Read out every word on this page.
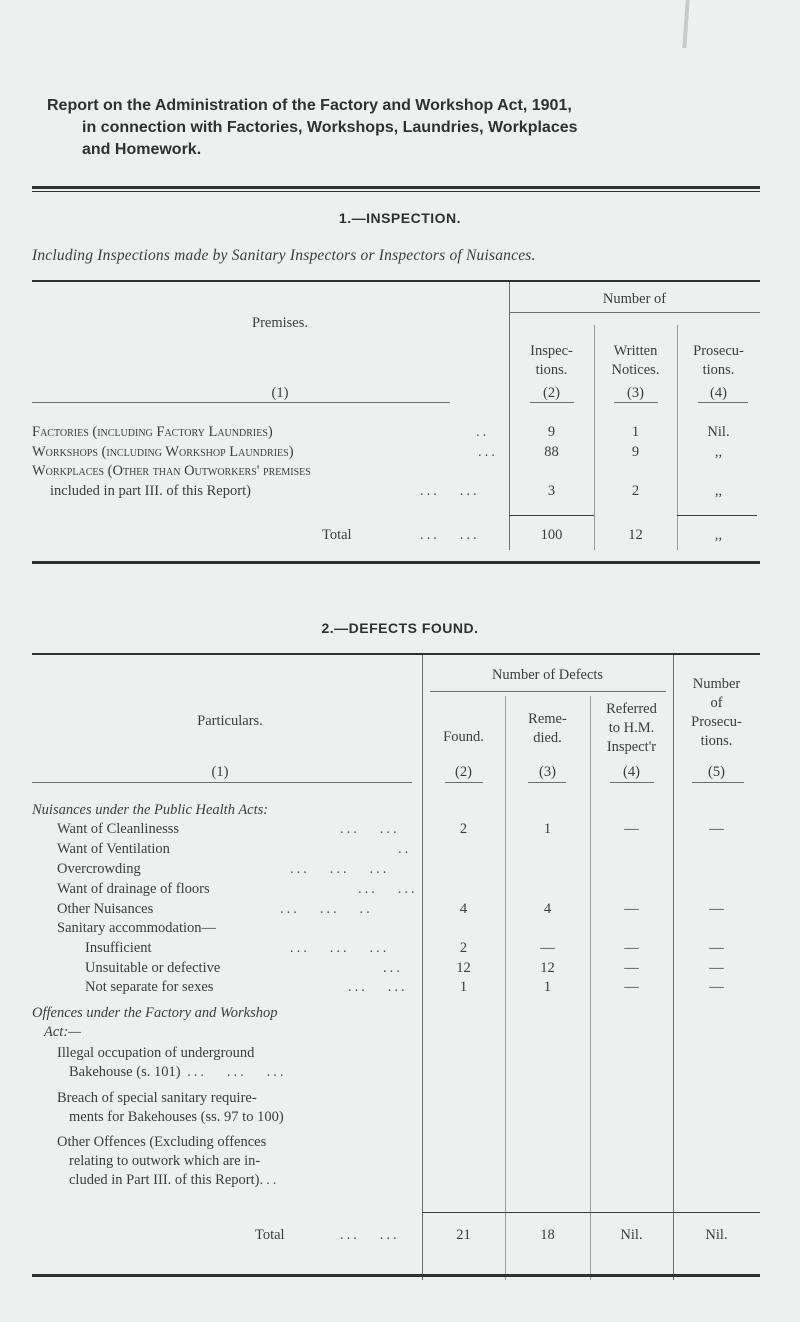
Report on the Administration of the Factory and Workshop Act, 1901,
in connection with Factories, Workshops, Laundries, Workplaces
and Homework.
1.—INSPECTION.
Including Inspections made by Sanitary Inspectors or Inspectors of Nuisances.
Number of
Premises.
Inspec-
tions.
Written
Notices.
Prosecu-
tions.
(1)	(2)	(3)	(4)
Factories (including Factory Laundries)	..	9	1	Nil.
Workshops (including Workshop Laundries)	...	88	9	,,
Workplaces (Other than Outworkers' premises
included in part III. of this Report)	...   ...	3	2	,,
Total	...   ...	100	12	,,
2.—DEFECTS FOUND.
Number of Defects
Particulars.
Found.
Reme-
died.
Referred
to H.M.
Inspect'r
Number
of
Prosecu-
tions.
(1)	(2)	(3)	(4)	(5)
Nuisances under the Public Health Acts:
Want of Cleanlinesss	...   ...	2	1	—	—
Want of Ventilation	..
Overcrowding	...   ...   ...
Want of drainage of floors	...   ...
Other Nuisances	...   ...   ..	4	4	—	—
Sanitary accommodation—
Insufficient	...   ...   ...	2	—	—	—
Unsuitable or defective	...	12	12	—	—
Not separate for sexes	...   ...	1	1	—	—
Offences under the Factory and Workshop
Act:—
Illegal occupation of underground
Bakehouse (s. 101) ...   ...   ...
Breach of special sanitary require-
ments for Bakehouses (ss. 97 to 100)
Other Offences (Excluding offences
relating to outwork which are in-
cluded in Part III. of this Report)...
Total	...   ...	21	18	Nil.	Nil.
